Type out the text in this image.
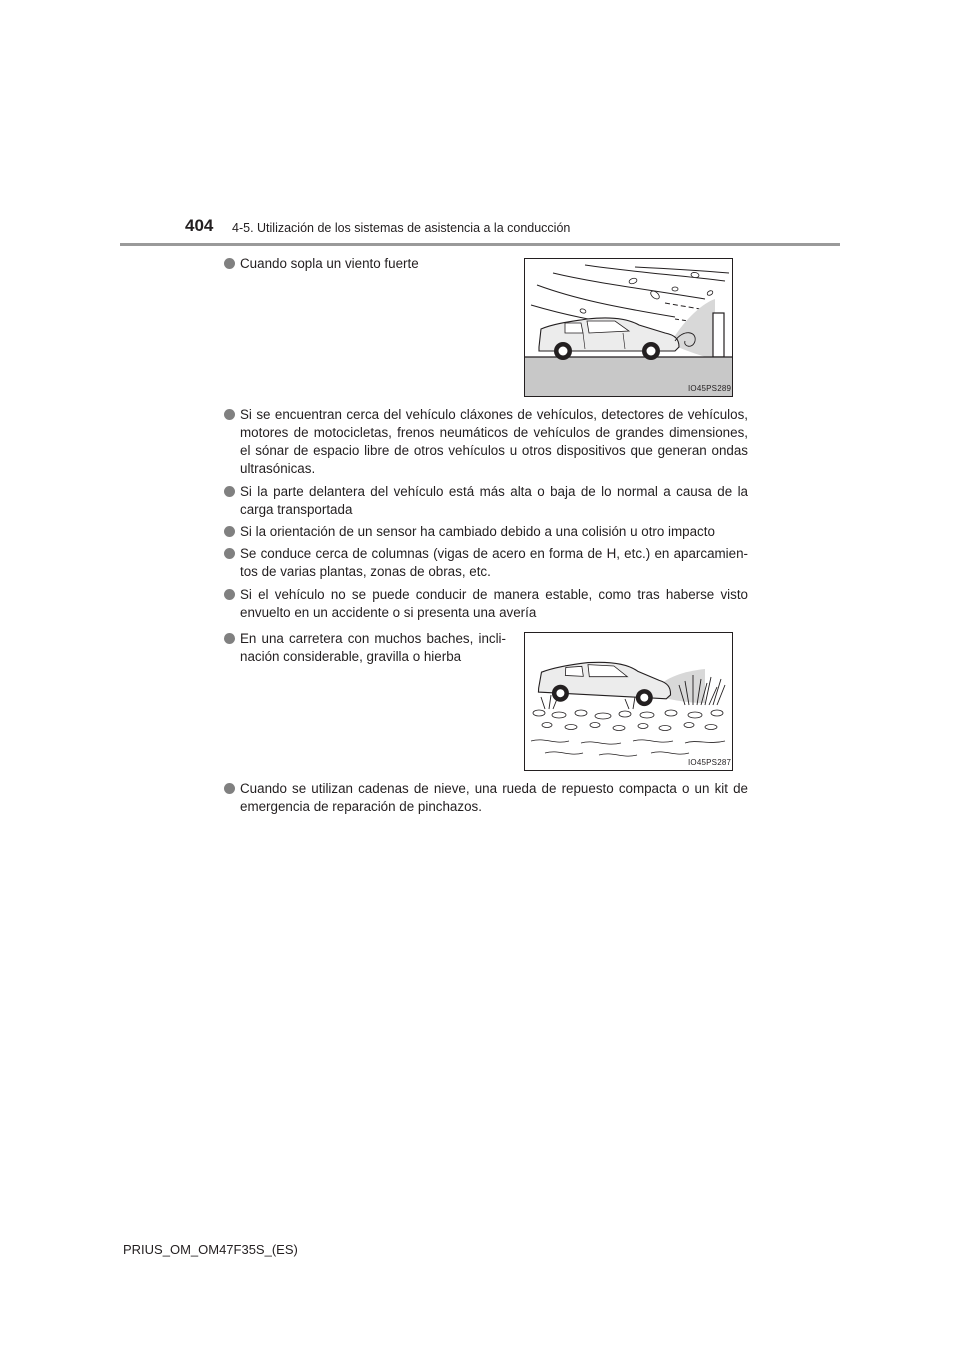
404 4-5. Utilización de los sistemas de asistencia a la conducción
Cuando sopla un viento fuerte
IO45PS289
Si se encuentran cerca del vehículo cláxones de vehículos, detectores de vehículos, motores de motocicletas, frenos neumáticos de vehículos de grandes dimensiones, el sónar de espacio libre de otros vehículos u otros dispositivos que generan ondas ultrasónicas.
Si la parte delantera del vehículo está más alta o baja de lo normal a causa de la carga transportada
Si la orientación de un sensor ha cambiado debido a una colisión u otro impacto
Se conduce cerca de columnas (vigas de acero en forma de H, etc.) en aparcamien-tos de varias plantas, zonas de obras, etc.
Si el vehículo no se puede conducir de manera estable, como tras haberse visto envuelto en un accidente o si presenta una avería
En una carretera con muchos baches, incli-nación considerable, gravilla o hierba
IO45PS287
Cuando se utilizan cadenas de nieve, una rueda de repuesto compacta o un kit de emergencia de reparación de pinchazos.
PRIUS_OM_OM47F35S_(ES)
